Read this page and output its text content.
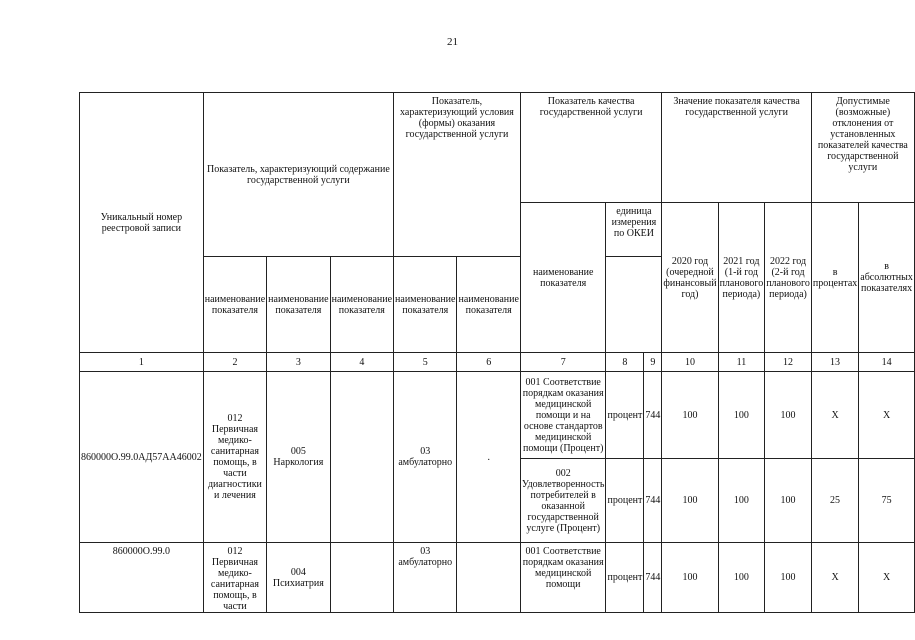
21
Уникальный номер реестровой записи	Показатель, характеризующий содержание государственной услуги			Показатель, характеризующий условия (формы) оказания государственной услуги		Показатель качества государственной услуги			Значение показателя качества государственной услуги			Допустимые (возможные) отклонения от установленных показателей качества государственной услуги	
						наименование показателя	единица измерения по ОКЕИ		2020 год (очередной финансовый год)	2021 год (1-й год планового периода)	2022 год (2-й год планового периода)	в процентах	в абсолютных показателях
	наименование показателя	наименование показателя	наименование показателя	наименование показателя	наименование показателя								
1	2	3	4	5	6	7	8	9	10	11	12	13	14
860000О.99.0АД57АА46002	012 Первичная медико-санитарная помощь, в части диагностики и лечения	005 Наркология		03 амбулаторно	.	001 Соответствие порядкам оказания медицинской помощи и на основе стандартов медицинской помощи (Процент)	процент	744	100	100	100	X	X
						002 Удовлетворенность потребителей в оказанной государственной услуге (Процент)	процент	744	100	100	100	25	75
860000О.99.0	012 Первичная медико-санитарная помощь, в части	004 Психиатрия		03 амбулаторно		001 Соответствие порядкам оказания медицинской помощи	процент	744	100	100	100	X	X
